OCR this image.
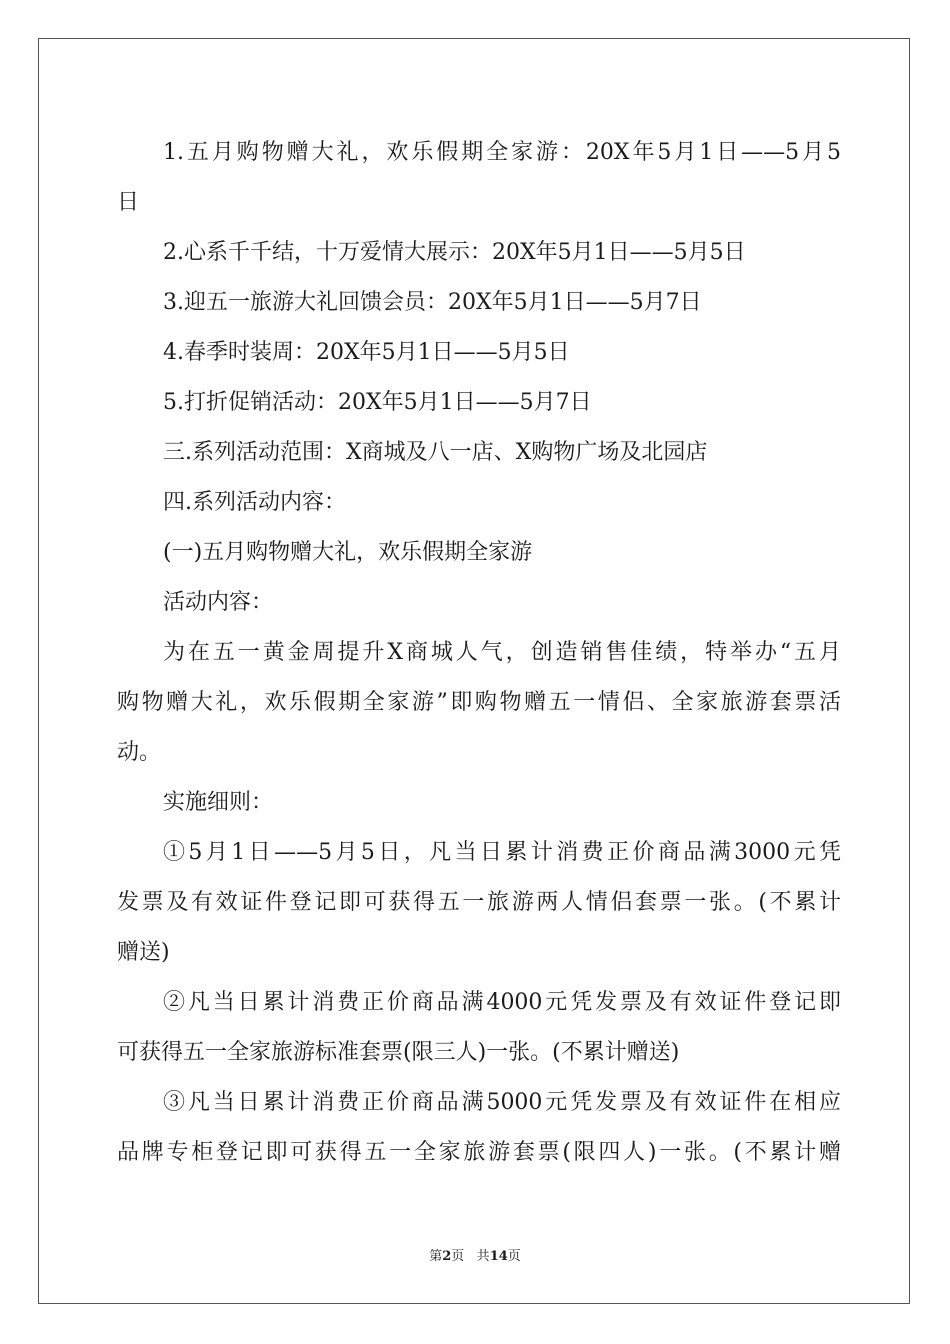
1.五月购物赠大礼，欢乐假期全家游：20X年5月1日——5月5
日
2.心系千千结，十万爱情大展示：20X年5月1日——5月5日
3.迎五一旅游大礼回馈会员：20X年5月1日——5月7日
4.春季时装周：20X年5月1日——5月5日
5.打折促销活动：20X年5月1日——5月7日
三.系列活动范围：X商城及八一店、X购物广场及北园店
四.系列活动内容：
(一)五月购物赠大礼，欢乐假期全家游
活动内容：
为在五一黄金周提升X商城人气，创造销售佳绩，特举办“五月
购物赠大礼，欢乐假期全家游”即购物赠五一情侣、全家旅游套票活
动。
实施细则：
①5月1日——5月5日，凡当日累计消费正价商品满3000元凭
发票及有效证件登记即可获得五一旅游两人情侣套票一张。(不累计
赠送)
②凡当日累计消费正价商品满4000元凭发票及有效证件登记即
可获得五一全家旅游标准套票(限三人)一张。(不累计赠送)
③凡当日累计消费正价商品满5000元凭发票及有效证件在相应
品牌专柜登记即可获得五一全家旅游套票(限四人)一张。(不累计赠
第2页 共14页
